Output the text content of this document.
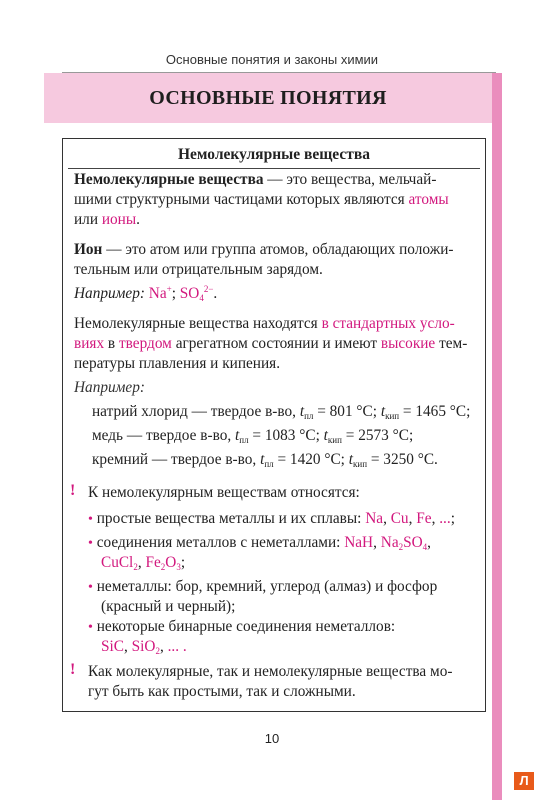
Основные понятия и законы химии
ОСНОВНЫЕ ПОНЯТИЯ
Немолекулярные вещества
Немолекулярные вещества — это вещества, мельчай-
шими структурными частицами которых являются атомы
или ионы.
Ион — это атом или группа атомов, обладающих положи-
тельным или отрицательным зарядом.
Например: Na+; $SO_4^{2-}$.
Немолекулярные вещества находятся в стандартных усло-
виях в твердом агрегатном состоянии и имеют высокие тем-
пературы плавления и кипения.
Например:
натрий хлорид — твердое в-во, $t_{пл} = 801$ °C; $t_{кип} = 1465$ °C;
медь — твердое в-во, $t_{пл} = 1083$ °C; $t_{кип} = 2573$ °C;
кремний — твердое в-во, $t_{пл} = 1420$ °C; $t_{кип} = 3250$ °C.
! К немолекулярным веществам относятся:
• простые вещества металлы и их сплавы: Na, Cu, Fe, ...;
• соединения металлов с неметаллами: NaH, $Na_2SO_4$,
CuCl$_2$, $Fe_2O_3$;
• неметаллы: бор, кремний, углерод (алмаз) и фосфор
(красный и черный);
• некоторые бинарные соединения неметаллов:
SiC, SiO$_2$, ... .
! Как молекулярные, так и немолекулярные вещества мо-
гут быть как простыми, так и сложными.
10
Л
